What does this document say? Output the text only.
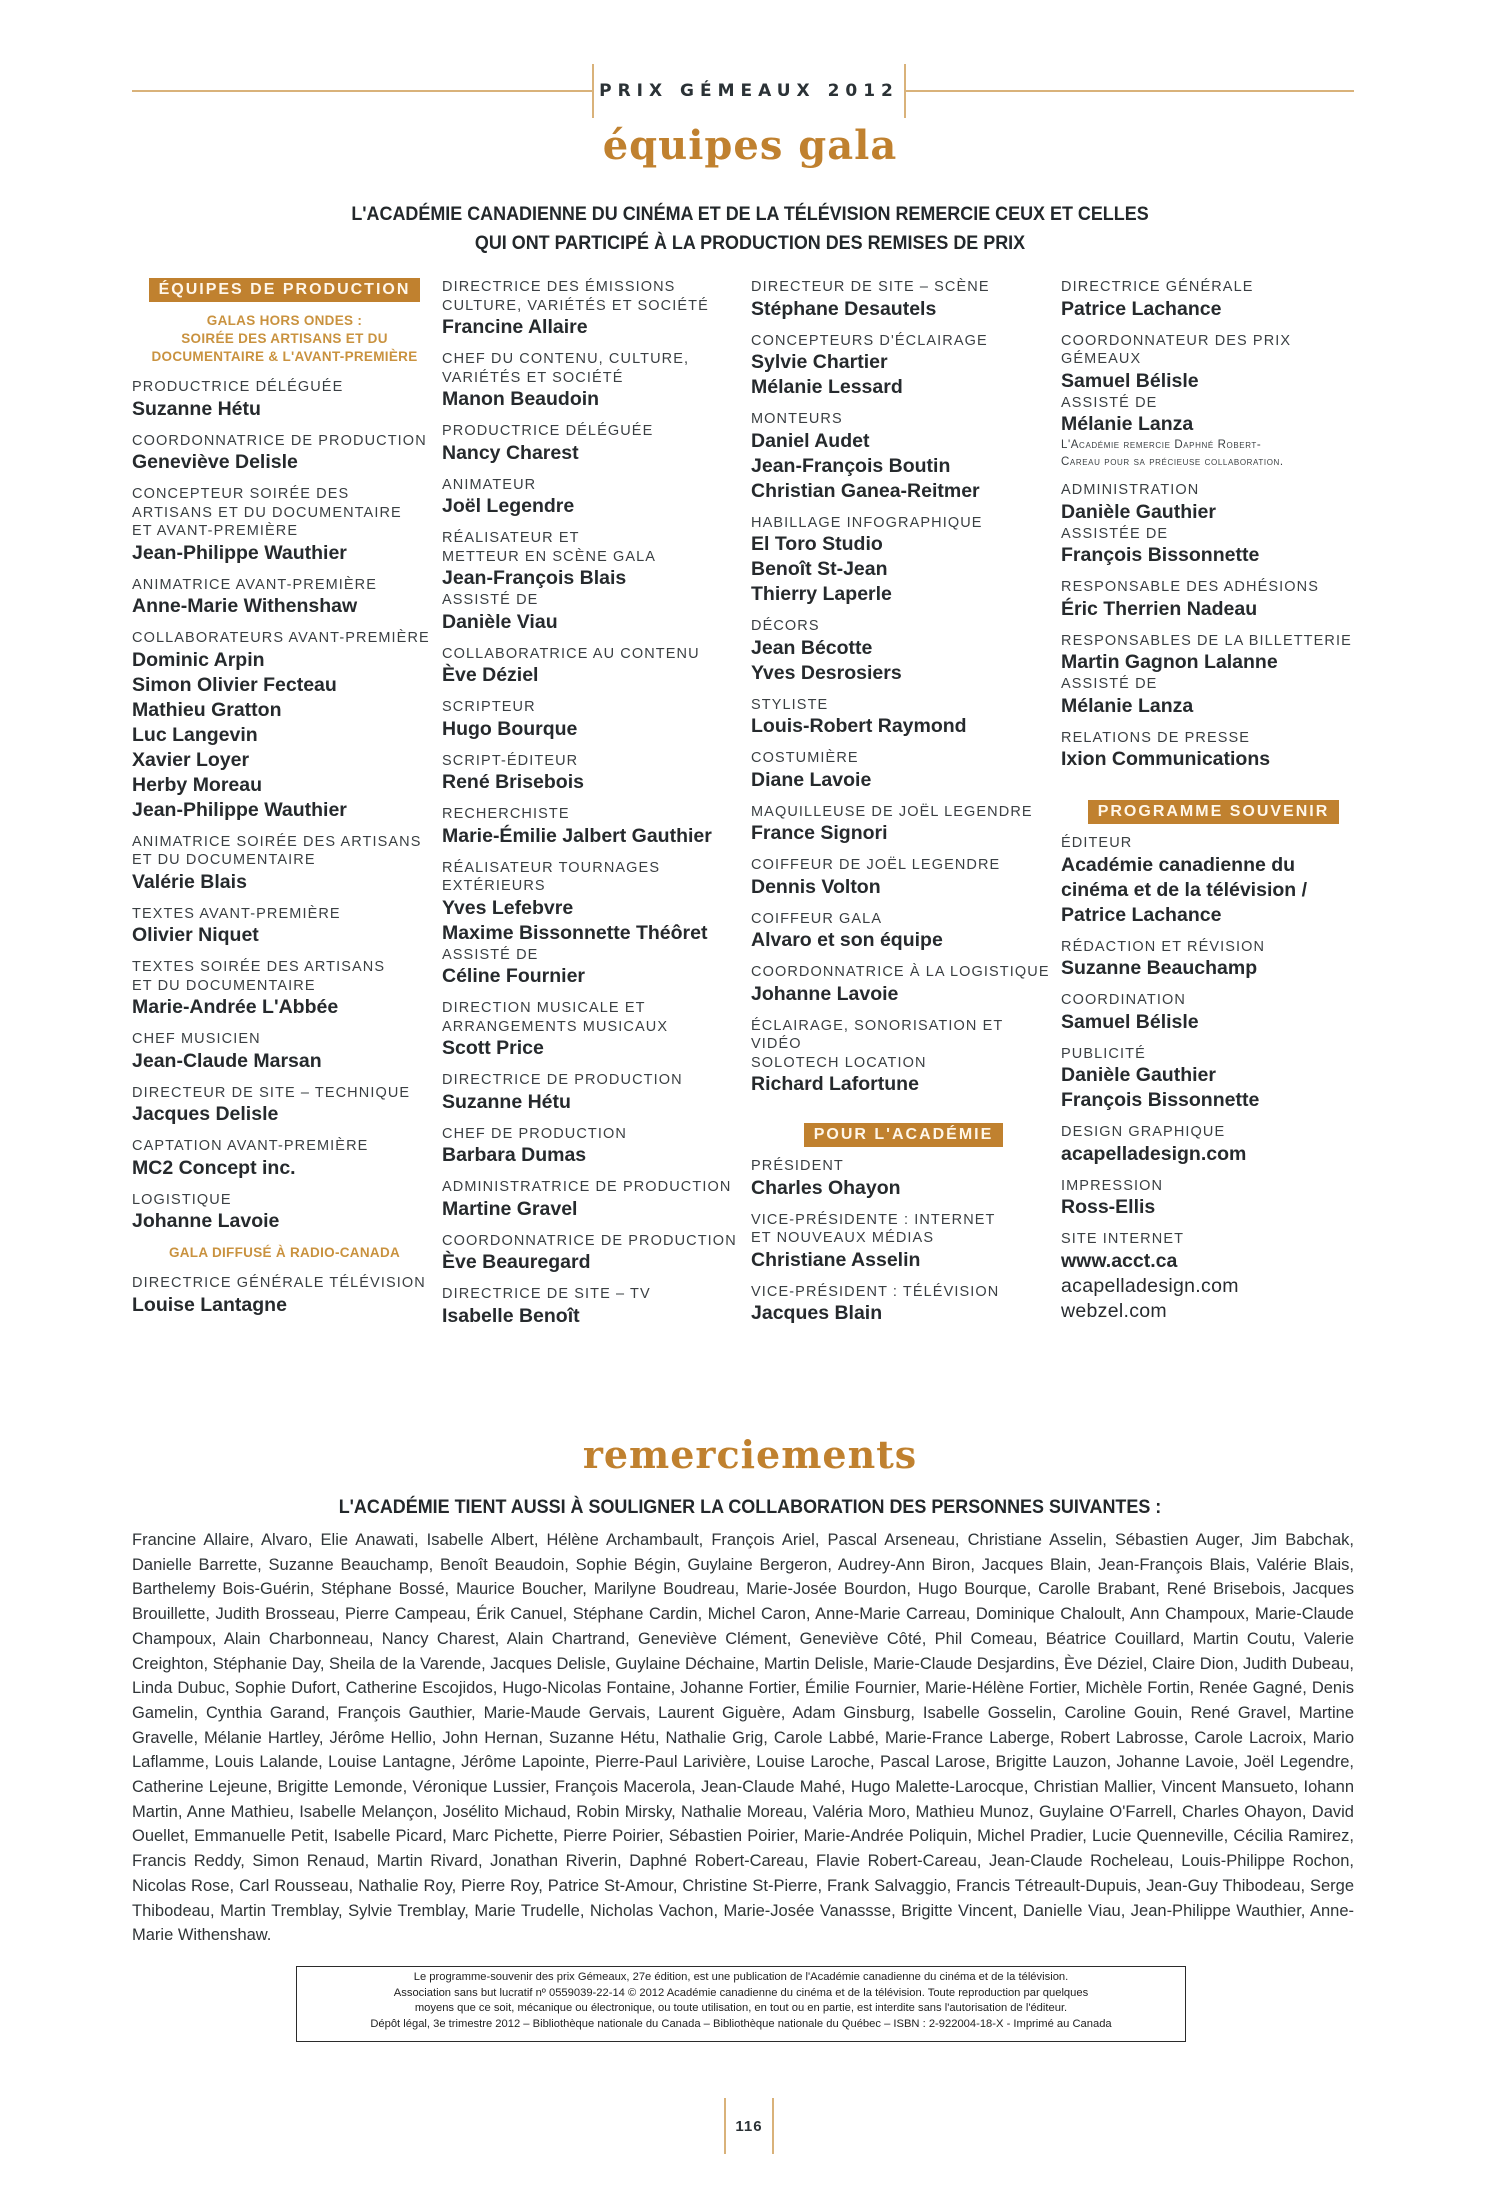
PRIX GÉMEAUX 2012
équipes gala
L'ACADÉMIE CANADIENNE DU CINÉMA ET DE LA TÉLÉVISION REMERCIE CEUX ET CELLES
QUI ONT PARTICIPÉ À LA PRODUCTION DES REMISES DE PRIX
ÉQUIPES DE PRODUCTION
GALAS HORS ONDES :
SOIRÉE DES ARTISANS ET DU
DOCUMENTAIRE & L'AVANT-PREMIÈRE
PRODUCTRICE DÉLÉGUÉE
Suzanne Hétu
COORDONNATRICE DE PRODUCTION
Geneviève Delisle
CONCEPTEUR SOIRÉE DES
ARTISANS ET DU DOCUMENTAIRE
ET AVANT-PREMIÈRE
Jean-Philippe Wauthier
ANIMATRICE AVANT-PREMIÈRE
Anne-Marie Withenshaw
COLLABORATEURS AVANT-PREMIÈRE
Dominic Arpin
Simon Olivier Fecteau
Mathieu Gratton
Luc Langevin
Xavier Loyer
Herby Moreau
Jean-Philippe Wauthier
ANIMATRICE SOIRÉE DES ARTISANS
ET DU DOCUMENTAIRE
Valérie Blais
TEXTES AVANT-PREMIÈRE
Olivier Niquet
TEXTES SOIRÉE DES ARTISANS
ET DU DOCUMENTAIRE
Marie-Andrée L'Abbée
CHEF MUSICIEN
Jean-Claude Marsan
DIRECTEUR DE SITE – TECHNIQUE
Jacques Delisle
CAPTATION AVANT-PREMIÈRE
MC2 Concept inc.
LOGISTIQUE
Johanne Lavoie
GALA DIFFUSÉ À RADIO-CANADA
DIRECTRICE GÉNÉRALE TÉLÉVISION
Louise Lantagne
DIRECTRICE DES ÉMISSIONS
CULTURE, VARIÉTÉS ET SOCIÉTÉ
Francine Allaire
CHEF DU CONTENU, CULTURE,
VARIÉTÉS ET SOCIÉTÉ
Manon Beaudoin
PRODUCTRICE DÉLÉGUÉE
Nancy Charest
ANIMATEUR
Joël Legendre
RÉALISATEUR ET
METTEUR EN SCÈNE GALA
Jean-François Blais
ASSISTÉ DE
Danièle Viau
COLLABORATRICE AU CONTENU
Ève Déziel
SCRIPTEUR
Hugo Bourque
SCRIPT-ÉDITEUR
René Brisebois
RECHERCHISTE
Marie-Émilie Jalbert Gauthier
RÉALISATEUR TOURNAGES
EXTÉRIEURS
Yves Lefebvre
Maxime Bissonnette Théôret
ASSISTÉ DE
Céline Fournier
DIRECTION MUSICALE ET
ARRANGEMENTS MUSICAUX
Scott Price
DIRECTRICE DE PRODUCTION
Suzanne Hétu
CHEF DE PRODUCTION
Barbara Dumas
ADMINISTRATRICE DE PRODUCTION
Martine Gravel
COORDONNATRICE DE PRODUCTION
Ève Beauregard
DIRECTRICE DE SITE – TV
Isabelle Benoît
DIRECTEUR DE SITE – SCÈNE
Stéphane Desautels
CONCEPTEURS D'ÉCLAIRAGE
Sylvie Chartier
Mélanie Lessard
MONTEURS
Daniel Audet
Jean-François Boutin
Christian Ganea-Reitmer
HABILLAGE INFOGRAPHIQUE
El Toro Studio
Benoît St-Jean
Thierry Laperle
DÉCORS
Jean Bécotte
Yves Desrosiers
STYLISTE
Louis-Robert Raymond
COSTUMIÈRE
Diane Lavoie
MAQUILLEUSE DE JOËL LEGENDRE
France Signori
COIFFEUR DE JOËL LEGENDRE
Dennis Volton
COIFFEUR GALA
Alvaro et son équipe
COORDONNATRICE À LA LOGISTIQUE
Johanne Lavoie
ÉCLAIRAGE, SONORISATION ET VIDÉO
SOLOTECH LOCATION
Richard Lafortune
POUR L'ACADÉMIE
PRÉSIDENT
Charles Ohayon
VICE-PRÉSIDENTE : INTERNET
ET NOUVEAUX MÉDIAS
Christiane Asselin
VICE-PRÉSIDENT : TÉLÉVISION
Jacques Blain
DIRECTRICE GÉNÉRALE
Patrice Lachance
COORDONNATEUR DES PRIX GÉMEAUX
Samuel Bélisle
ASSISTÉ DE
Mélanie Lanza
L'Académie remercie Daphné Robert-
Careau pour sa précieuse collaboration.
ADMINISTRATION
Danièle Gauthier
ASSISTÉE DE
François Bissonnette
RESPONSABLE DES ADHÉSIONS
Éric Therrien Nadeau
RESPONSABLES DE LA BILLETTERIE
Martin Gagnon Lalanne
ASSISTÉ DE
Mélanie Lanza
RELATIONS DE PRESSE
Ixion Communications
PROGRAMME SOUVENIR
ÉDITEUR
Académie canadienne du
cinéma et de la télévision /
Patrice Lachance
RÉDACTION ET RÉVISION
Suzanne Beauchamp
COORDINATION
Samuel Bélisle
PUBLICITÉ
Danièle Gauthier
François Bissonnette
DESIGN GRAPHIQUE
acapelladesign.com
IMPRESSION
Ross-Ellis
SITE INTERNET
www.acct.ca
acapelladesign.com
webzel.com
remerciements
L'ACADÉMIE TIENT AUSSI À SOULIGNER LA COLLABORATION DES PERSONNES SUIVANTES :
Francine Allaire, Alvaro, Elie Anawati, Isabelle Albert, Hélène Archambault, François Ariel, Pascal Arseneau, Christiane Asselin, Sébastien Auger, Jim Babchak, Danielle Barrette, Suzanne Beauchamp, Benoît Beaudoin, Sophie Bégin, Guylaine Bergeron, Audrey-Ann Biron, Jacques Blain, Jean-François Blais, Valérie Blais, Barthelemy Bois-Guérin, Stéphane Bossé, Maurice Boucher, Marilyne Boudreau, Marie-Josée Bourdon, Hugo Bourque, Carolle Brabant, René Brisebois, Jacques Brouillette, Judith Brosseau, Pierre Campeau, Érik Canuel, Stéphane Cardin, Michel Caron, Anne-Marie Carreau, Dominique Chaloult, Ann Champoux, Marie-Claude Champoux, Alain Charbonneau, Nancy Charest, Alain Chartrand, Geneviève Clément, Geneviève Côté, Phil Comeau, Béatrice Couillard, Martin Coutu, Valerie Creighton, Stéphanie Day, Sheila de la Varende, Jacques Delisle, Guylaine Déchaine, Martin Delisle, Marie-Claude Desjardins, Ève Déziel, Claire Dion, Judith Dubeau, Linda Dubuc, Sophie Dufort, Catherine Escojidos, Hugo-Nicolas Fontaine, Johanne Fortier, Émilie Fournier, Marie-Hélène Fortier, Michèle Fortin, Renée Gagné, Denis Gamelin, Cynthia Garand, François Gauthier, Marie-Maude Gervais, Laurent Giguère, Adam Ginsburg, Isabelle Gosselin, Caroline Gouin, René Gravel, Martine Gravelle, Mélanie Hartley, Jérôme Hellio, John Hernan, Suzanne Hétu, Nathalie Grig, Carole Labbé, Marie-France Laberge, Robert Labrosse, Carole Lacroix, Mario Laflamme, Louis Lalande, Louise Lantagne, Jérôme Lapointe, Pierre-Paul Larivière, Louise Laroche, Pascal Larose, Brigitte Lauzon, Johanne Lavoie, Joël Legendre, Catherine Lejeune, Brigitte Lemonde, Véronique Lussier, François Macerola, Jean-Claude Mahé, Hugo Malette-Larocque, Christian Mallier, Vincent Mansueto, Iohann Martin, Anne Mathieu, Isabelle Melançon, Josélito Michaud, Robin Mirsky, Nathalie Moreau, Valéria Moro, Mathieu Munoz, Guylaine O'Farrell, Charles Ohayon, David Ouellet, Emmanuelle Petit, Isabelle Picard, Marc Pichette, Pierre Poirier, Sébastien Poirier, Marie-Andrée Poliquin, Michel Pradier, Lucie Quenneville, Cécilia Ramirez, Francis Reddy, Simon Renaud, Martin Rivard, Jonathan Riverin, Daphné Robert-Careau, Flavie Robert-Careau, Jean-Claude Rocheleau, Louis-Philippe Rochon, Nicolas Rose, Carl Rousseau, Nathalie Roy, Pierre Roy, Patrice St-Amour, Christine St-Pierre, Frank Salvaggio, Francis Tétreault-Dupuis, Jean-Guy Thibodeau, Serge Thibodeau, Martin Tremblay, Sylvie Tremblay, Marie Trudelle, Nicholas Vachon, Marie-Josée Vanassse, Brigitte Vincent, Danielle Viau, Jean-Philippe Wauthier, Anne-Marie Withenshaw.
Le programme-souvenir des prix Gémeaux, 27e édition, est une publication de l'Académie canadienne du cinéma et de la télévision.
Association sans but lucratif nº 0559039-22-14 © 2012 Académie canadienne du cinéma et de la télévision. Toute reproduction par quelques
moyens que ce soit, mécanique ou électronique, ou toute utilisation, en tout ou en partie, est interdite sans l'autorisation de l'éditeur.
Dépôt légal, 3e trimestre 2012 – Bibliothèque nationale du Canada – Bibliothèque nationale du Québec – ISBN : 2-922004-18-X - Imprimé au Canada
116
